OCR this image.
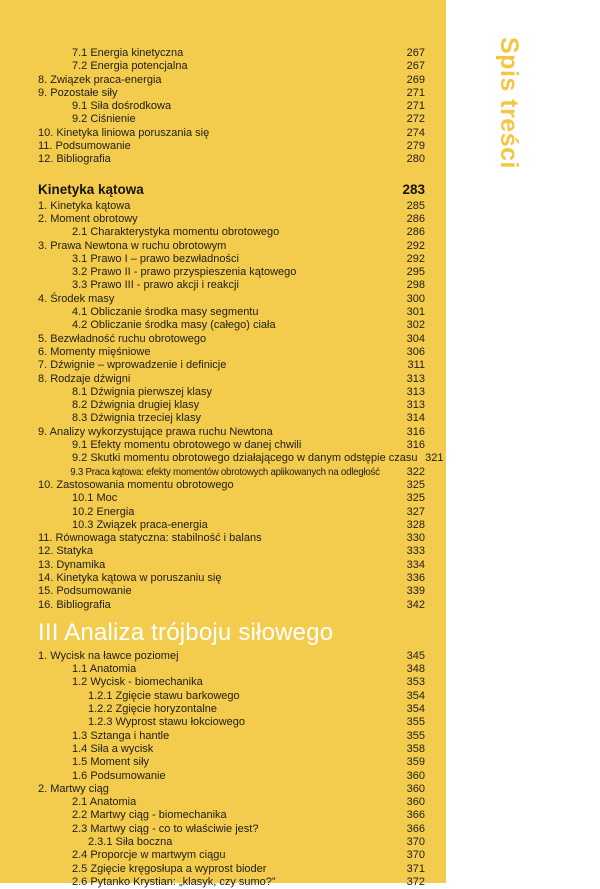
Spis treści
7.1 Energia kinetyczna	267
7.2 Energia potencjalna	267
8. Związek praca-energia	269
9. Pozostałe siły	271
9.1 Siła dośrodkowa	271
9.2 Ciśnienie	272
10. Kinetyka liniowa poruszania się	274
11. Podsumowanie	279
12. Bibliografia	280
Kinetyka kątowa	283
1. Kinetyka kątowa	285
2. Moment obrotowy	286
2.1 Charakterystyka momentu obrotowego	286
3. Prawa Newtona w ruchu obrotowym	292
3.1 Prawo I – prawo bezwładności	292
3.2 Prawo II - prawo przyspieszenia kątowego	295
3.3 Prawo III - prawo akcji i reakcji	298
4. Środek masy	300
4.1 Obliczanie środka masy segmentu	301
4.2 Obliczanie środka masy (całego) ciała	302
5. Bezwładność ruchu obrotowego	304
6. Momenty mięśniowe	306
7. Dźwignie – wprowadzenie i definicje	311
8. Rodzaje dźwigni	313
8.1 Dźwignia pierwszej klasy	313
8.2 Dźwignia drugiej klasy	313
8.3 Dźwignia trzeciej klasy	314
9. Analizy wykorzystujące prawa ruchu Newtona	316
9.1 Efekty momentu obrotowego w danej chwili	316
9.2 Skutki momentu obrotowego działającego w danym odstępie czasu 321
9.3 Praca kątowa: efekty momentów obrotowych aplikowanych na odległość	322
10. Zastosowania momentu obrotowego	325
10.1 Moc	325
10.2 Energia	327
10.3 Związek praca-energia	328
11. Równowaga statyczna: stabilność i balans	330
12. Statyka	333
13. Dynamika	334
14. Kinetyka kątowa w poruszaniu się	336
15. Podsumowanie	339
16. Bibliografia	342
III Analiza trójboju siłowego
1. Wycisk na ławce poziomej	345
1.1 Anatomia	348
1.2 Wycisk - biomechanika	353
1.2.1 Zgięcie stawu barkowego	354
1.2.2 Zgięcie horyzontalne	354
1.2.3 Wyprost stawu łokciowego	355
1.3 Sztanga i hantle	355
1.4 Siła a wycisk	358
1.5 Moment siły	359
1.6 Podsumowanie	360
2. Martwy ciąg	360
2.1 Anatomia	360
2.2 Martwy ciąg - biomechanika	366
2.3 Martwy ciąg - co to właściwie jest?	366
2.3.1 Siła boczna	370
2.4 Proporcje w martwym ciągu	370
2.5 Zgięcie kręgosłupa a wyprost bioder	371
2.6 Pytanko Krystian: „klasyk, czy sumo?”	372
